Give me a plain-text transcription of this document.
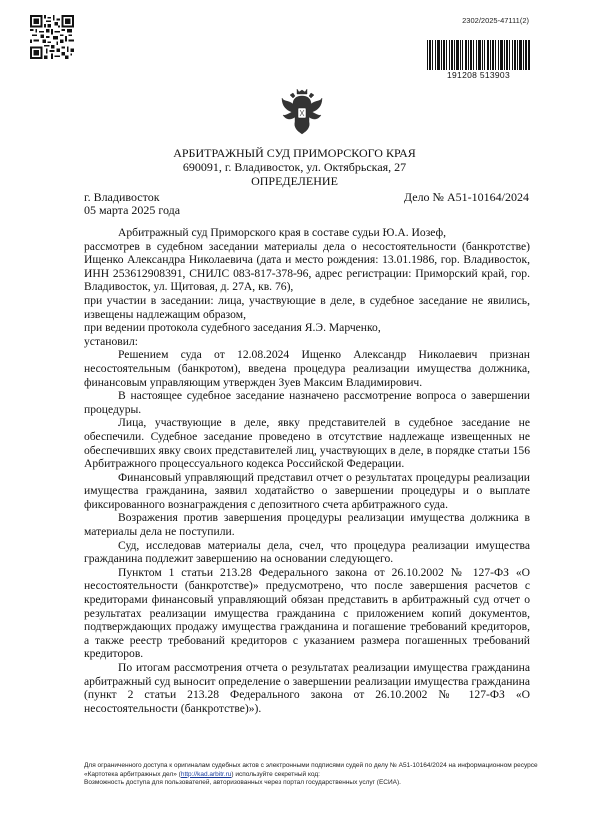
2302/2025-47111(2)
191208 513903
АРБИТРАЖНЫЙ СУД ПРИМОРСКОГО КРАЯ
690091, г. Владивосток, ул. Октябрьская, 27
ОПРЕДЕЛЕНИЕ
г. Владивосток
05 марта 2025 года
Дело № А51-10164/2024

Арбитражный суд Приморского края в составе судьи Ю.А. Иозеф,

рассмотрев в судебном заседании материалы дела о несостоятельности (банкротстве) Ищенко Александра Николаевича (дата и место рождения: 13.01.1986, гор. Владивосток, ИНН 253612908391, СНИЛС 083-817-378-96, адрес регистрации: Приморский край, гор. Владивосток, ул. Щитовая, д. 27А, кв. 76),

при участии в заседании: лица, участвующие в деле, в судебное заседание не явились, извещены надлежащим образом,

при ведении протокола судебного заседания Я.Э. Марченко,

установил:

Решением суда от 12.08.2024 Ищенко Александр Николаевич признан несостоятельным (банкротом), введена процедура реализации имущества должника, финансовым управляющим утвержден Зуев Максим Владимирович.

В настоящее судебное заседание назначено рассмотрение вопроса о завершении процедуры.

Лица, участвующие в деле, явку представителей в судебное заседание не обеспечили. Судебное заседание проведено в отсутствие надлежаще извещенных не обеспечивших явку своих представителей лиц, участвующих в деле, в порядке статьи 156 Арбитражного процессуального кодекса Российской Федерации.

Финансовый управляющий представил отчет о результатах процедуры реализации имущества гражданина, заявил ходатайство о завершении процедуры и о выплате фиксированного вознаграждения с депозитного счета арбитражного суда.

Возражения против завершения процедуры реализации имущества должника в материалы дела не поступили.

Суд, исследовав материалы дела, счел, что процедура реализации имущества гражданина подлежит завершению на основании следующего.

Пунктом 1 статьи 213.28 Федерального закона от 26.10.2002 № 127-ФЗ «О несостоятельности (банкротстве)» предусмотрено, что после завершения расчетов с кредиторами финансовый управляющий обязан представить в арбитражный суд отчет о результатах реализации имущества гражданина с приложением копий документов, подтверждающих продажу имущества гражданина и погашение требований кредиторов, а также реестр требований кредиторов с указанием размера погашенных требований кредиторов.

По итогам рассмотрения отчета о результатах реализации имущества гражданина арбитражный суд выносит определение о завершении реализации имущества гражданина (пункт 2 статьи 213.28 Федерального закона от 26.10.2002 № 127-ФЗ «О несостоятельности (банкротстве)»).

Для ограниченного доступа к оригиналам судебных актов с электронными подписями судей по делу № А51-10164/2024 на информационном ресурсе «Картотека арбитражных дел» (http://kad.arbitr.ru) используйте секретный код:
Возможность доступа для пользователей, авторизованных через портал государственных услуг (ЕСИА).
